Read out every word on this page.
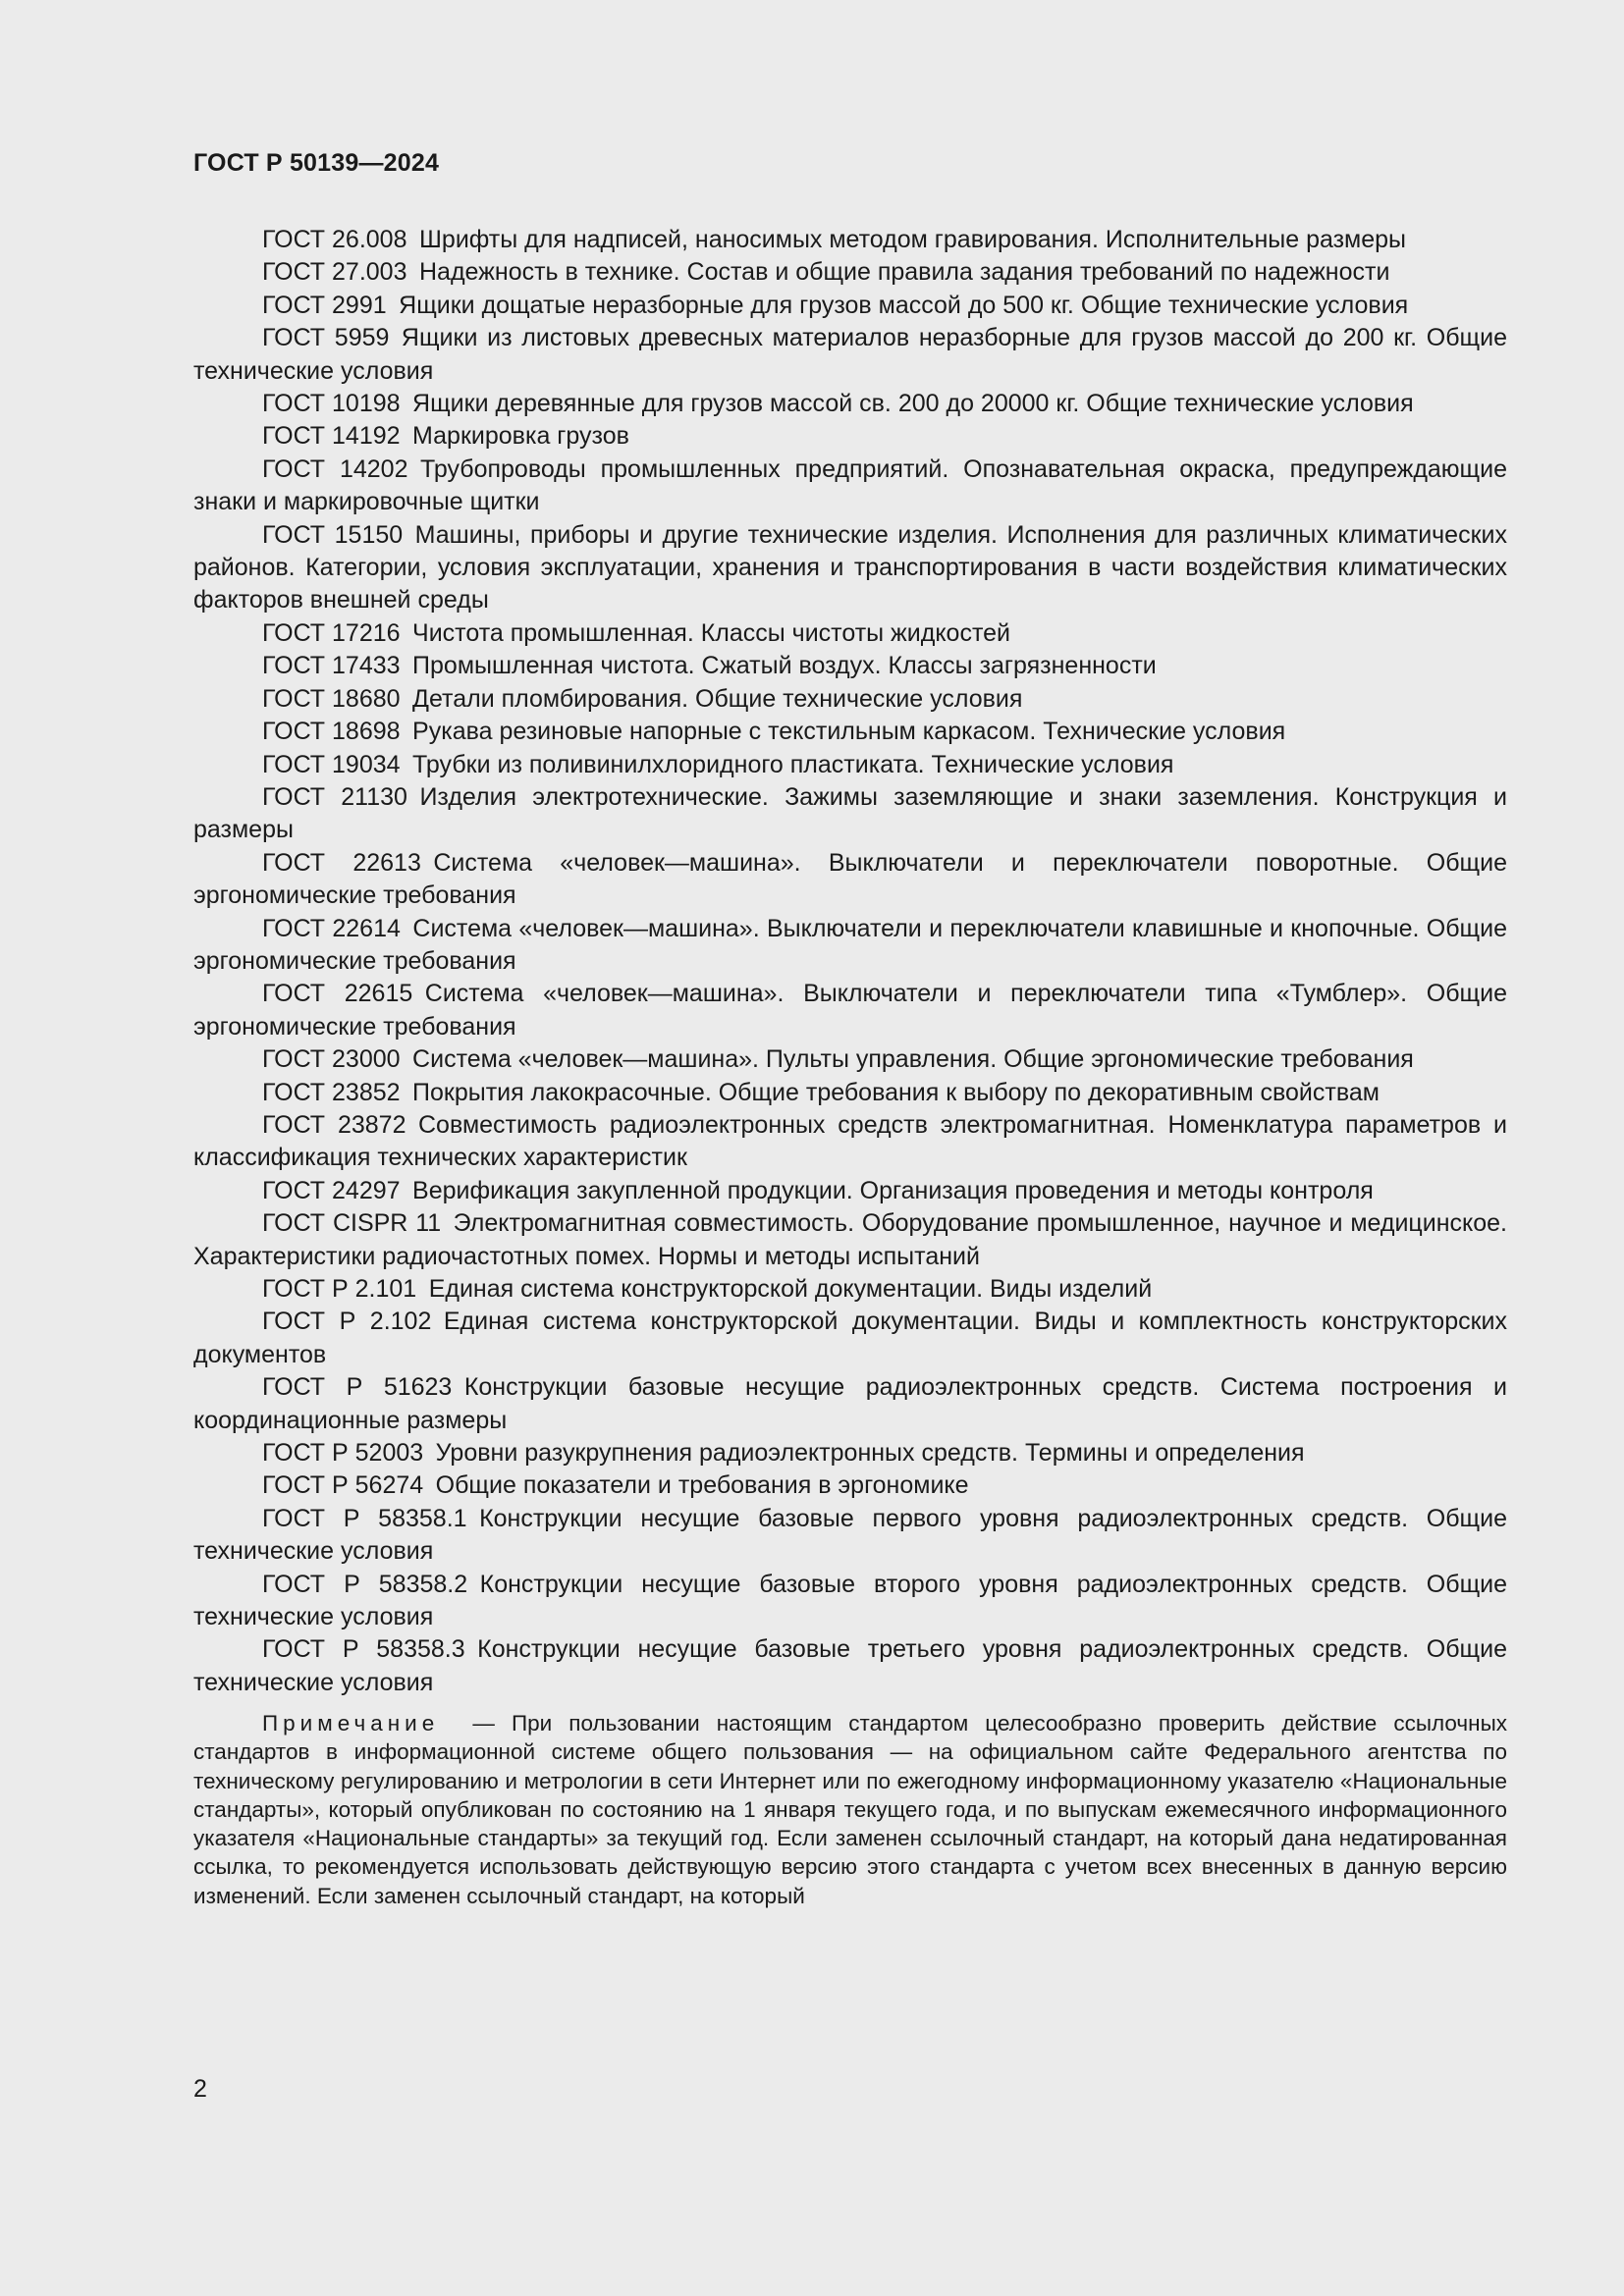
ГОСТ Р 50139—2024

ГОСТ 26.008  Шрифты для надписей, наносимых методом гравирования. Исполнительные размеры

ГОСТ 27.003  Надежность в технике. Состав и общие правила задания требований по надежности

ГОСТ 2991  Ящики дощатые неразборные для грузов массой до 500 кг. Общие технические условия

ГОСТ 5959  Ящики из листовых древесных материалов неразборные для грузов массой до 200 кг. Общие технические условия

ГОСТ 10198  Ящики деревянные для грузов массой св. 200 до 20000 кг. Общие технические условия

ГОСТ 14192  Маркировка грузов

ГОСТ 14202  Трубопроводы промышленных предприятий. Опознавательная окраска, предупреждающие знаки и маркировочные щитки

ГОСТ 15150  Машины, приборы и другие технические изделия. Исполнения для различных климатических районов. Категории, условия эксплуатации, хранения и транспортирования в части воздействия климатических факторов внешней среды

ГОСТ 17216  Чистота промышленная. Классы чистоты жидкостей

ГОСТ 17433  Промышленная чистота. Сжатый воздух. Классы загрязненности

ГОСТ 18680  Детали пломбирования. Общие технические условия

ГОСТ 18698  Рукава резиновые напорные с текстильным каркасом. Технические условия

ГОСТ 19034  Трубки из поливинилхлоридного пластиката. Технические условия

ГОСТ 21130  Изделия электротехнические. Зажимы заземляющие и знаки заземления. Конструкция и размеры

ГОСТ 22613  Система «человек—машина». Выключатели и переключатели поворотные. Общие эргономические требования

ГОСТ 22614  Система «человек—машина». Выключатели и переключатели клавишные и кнопочные. Общие эргономические требования

ГОСТ 22615  Система «человек—машина». Выключатели и переключатели типа «Тумблер». Общие эргономические требования

ГОСТ 23000  Система «человек—машина». Пульты управления. Общие эргономические требования

ГОСТ 23852  Покрытия лакокрасочные. Общие требования к выбору по декоративным свойствам

ГОСТ 23872  Совместимость радиоэлектронных средств электромагнитная. Номенклатура параметров и классификация технических характеристик

ГОСТ 24297  Верификация закупленной продукции. Организация проведения и методы контроля

ГОСТ CISPR 11  Электромагнитная совместимость. Оборудование промышленное, научное и медицинское. Характеристики радиочастотных помех. Нормы и методы испытаний

ГОСТ Р 2.101  Единая система конструкторской документации. Виды изделий

ГОСТ Р 2.102  Единая система конструкторской документации. Виды и комплектность конструкторских документов

ГОСТ Р 51623  Конструкции базовые несущие радиоэлектронных средств. Система построения и координационные размеры

ГОСТ Р 52003  Уровни разукрупнения радиоэлектронных средств. Термины и определения

ГОСТ Р 56274  Общие показатели и требования в эргономике

ГОСТ Р 58358.1  Конструкции несущие базовые первого уровня радиоэлектронных средств. Общие технические условия

ГОСТ Р 58358.2  Конструкции несущие базовые второго уровня радиоэлектронных средств. Общие технические условия

ГОСТ Р 58358.3  Конструкции несущие базовые третьего уровня радиоэлектронных средств. Общие технические условия

Примечание — При пользовании настоящим стандартом целесообразно проверить действие ссылочных стандартов в информационной системе общего пользования — на официальном сайте Федерального агентства по техническому регулированию и метрологии в сети Интернет или по ежегодному информационному указателю «Национальные стандарты», который опубликован по состоянию на 1 января текущего года, и по выпускам ежемесячного информационного указателя «Национальные стандарты» за текущий год. Если заменен ссылочный стандарт, на который дана недатированная ссылка, то рекомендуется использовать действующую версию этого стандарта с учетом всех внесенных в данную версию изменений. Если заменен ссылочный стандарт, на который
2
